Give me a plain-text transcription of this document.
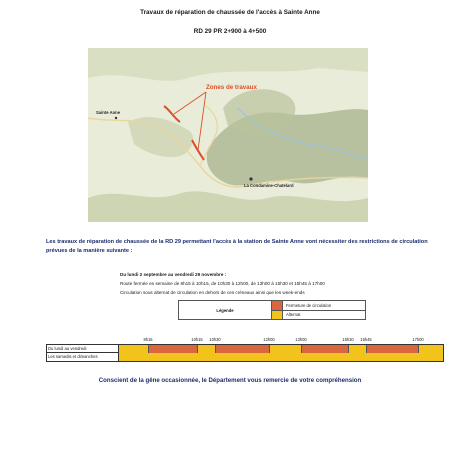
Travaux de réparation de chaussée de l'accès à Sainte Anne
RD 29 PR 2+900 à 4+500
Zones de travaux
Sainte Anne
La Condamine-Chatelard
Les travaux de réparation de chaussée de la RD 29 permettant l'accès à la station de Sainte Anne vont nécessiter des restrictions de circulation prévues de la manière suivante :
Du lundi 2 septembre au vendredi 29 novembre :
Route fermée en semaine de 8h15 à 10h15, de 10h30 à 12h00, de 13h00 à 15h30 et 15h45 à 17h00
Circulation sous alternat de circulation en dehors de ces créneaux ainsi que les week-ends
Légende
Fermeture de circulation
Alternat
8h15	10h15 10h30	12h00	13h00	15h30 15h45	17h00
Du lundi au vendredi
Les samedis et dimanches
Conscient de la gêne occasionnée, le Département vous remercie de votre compréhension
